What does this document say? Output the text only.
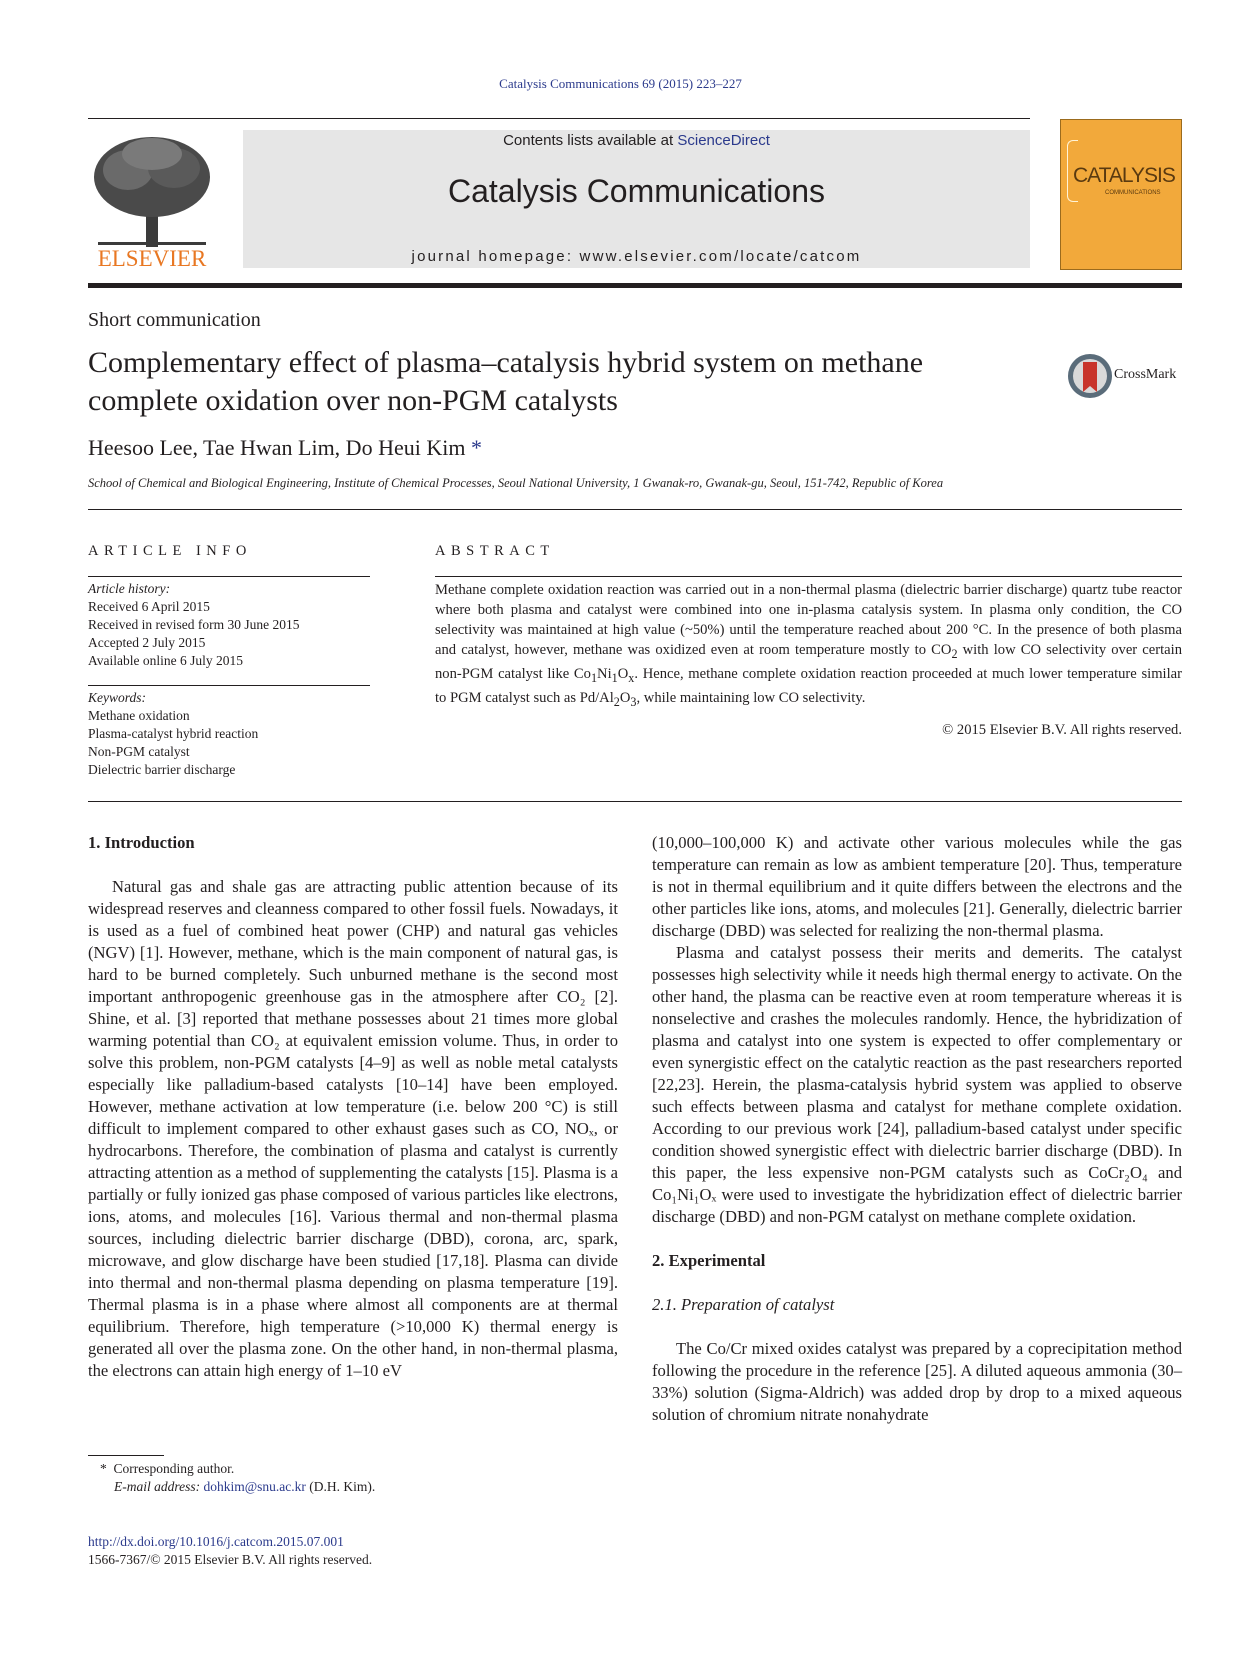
Catalysis Communications 69 (2015) 223–227
ELSEVIER
Contents lists available at ScienceDirect
Catalysis Communications
journal homepage: www.elsevier.com/locate/catcom
CATALYSIS
COMMUNICATIONS
Short communication
Complementary effect of plasma–catalysis hybrid system on methane complete oxidation over non-PGM catalysts
CrossMark
Heesoo Lee, Tae Hwan Lim, Do Heui Kim *
School of Chemical and Biological Engineering, Institute of Chemical Processes, Seoul National University, 1 Gwanak-ro, Gwanak-gu, Seoul, 151-742, Republic of Korea
ARTICLE INFO	ABSTRACT
Article history:
Received 6 April 2015
Received in revised form 30 June 2015
Accepted 2 July 2015
Available online 6 July 2015
Keywords:
Methane oxidation
Plasma-catalyst hybrid reaction
Non-PGM catalyst
Dielectric barrier discharge
Methane complete oxidation reaction was carried out in a non-thermal plasma (dielectric barrier discharge) quartz tube reactor where both plasma and catalyst were combined into one in-plasma catalysis system. In plasma only condition, the CO selectivity was maintained at high value (~50%) until the temperature reached about 200 °C. In the presence of both plasma and catalyst, however, methane was oxidized even at room temperature mostly to $CO_2$ with low CO selectivity over certain non-PGM catalyst like $Co_1Ni_1O_x$. Hence, methane complete oxidation reaction proceeded at much lower temperature similar to PGM catalyst such as $Pd/Al_2O_3$, while maintaining low CO selectivity.
© 2015 Elsevier B.V. All rights reserved.
1. Introduction

Natural gas and shale gas are attracting public attention because of its widespread reserves and cleanness compared to other fossil fuels. Nowadays, it is used as a fuel of combined heat power (CHP) and natural gas vehicles (NGV) [1]. However, methane, which is the main component of natural gas, is hard to be burned completely. Such unburned methane is the second most important anthropogenic greenhouse gas in the atmosphere after CO₂ [2]. Shine, et al. [3] reported that methane possesses about 21 times more global warming potential than CO₂ at equivalent emission volume. Thus, in order to solve this problem, non-PGM catalysts [4–9] as well as noble metal catalysts especially like palladium-based catalysts [10–14] have been employed. However, methane activation at low temperature (i.e. below 200 °C) is still difficult to implement compared to other exhaust gases such as CO, NOₓ, or hydrocarbons. Therefore, the combination of plasma and catalyst is currently attracting attention as a method of supplementing the catalysts [15]. Plasma is a partially or fully ionized gas phase composed of various particles like electrons, ions, atoms, and molecules [16]. Various thermal and non-thermal plasma sources, including dielectric barrier discharge (DBD), corona, arc, spark, microwave, and glow discharge have been studied [17,18]. Plasma can divide into thermal and non-thermal plasma depending on plasma temperature [19]. Thermal plasma is in a phase where almost all components are at thermal equilibrium. Therefore, high temperature (>10,000 K) thermal energy is generated all over the plasma zone. On the other hand, in non-thermal plasma, the electrons can attain high energy of 1–10 eV

(10,000–100,000 K) and activate other various molecules while the gas temperature can remain as low as ambient temperature [20]. Thus, temperature is not in thermal equilibrium and it quite differs between the electrons and the other particles like ions, atoms, and molecules [21]. Generally, dielectric barrier discharge (DBD) was selected for realizing the non-thermal plasma.

Plasma and catalyst possess their merits and demerits. The catalyst possesses high selectivity while it needs high thermal energy to activate. On the other hand, the plasma can be reactive even at room temperature whereas it is nonselective and crashes the molecules randomly. Hence, the hybridization of plasma and catalyst into one system is expected to offer complementary or even synergistic effect on the catalytic reaction as the past researchers reported [22,23]. Herein, the plasma-catalysis hybrid system was applied to observe such effects between plasma and catalyst for methane complete oxidation. According to our previous work [24], palladium-based catalyst under specific condition showed synergistic effect with dielectric barrier discharge (DBD). In this paper, the less expensive non-PGM catalysts such as CoCr₂O₄ and Co₁Ni₁Oₓ were used to investigate the hybridization effect of dielectric barrier discharge (DBD) and non-PGM catalyst on methane complete oxidation.

2. Experimental
2.1. Preparation of catalyst

The Co/Cr mixed oxides catalyst was prepared by a coprecipitation method following the procedure in the reference [25]. A diluted aqueous ammonia (30–33%) solution (Sigma-Aldrich) was added drop by drop to a mixed aqueous solution of chromium nitrate nonahydrate

* Corresponding author.
E-mail address: dohkim@snu.ac.kr (D.H. Kim).
http://dx.doi.org/10.1016/j.catcom.2015.07.001
1566-7367/© 2015 Elsevier B.V. All rights reserved.
